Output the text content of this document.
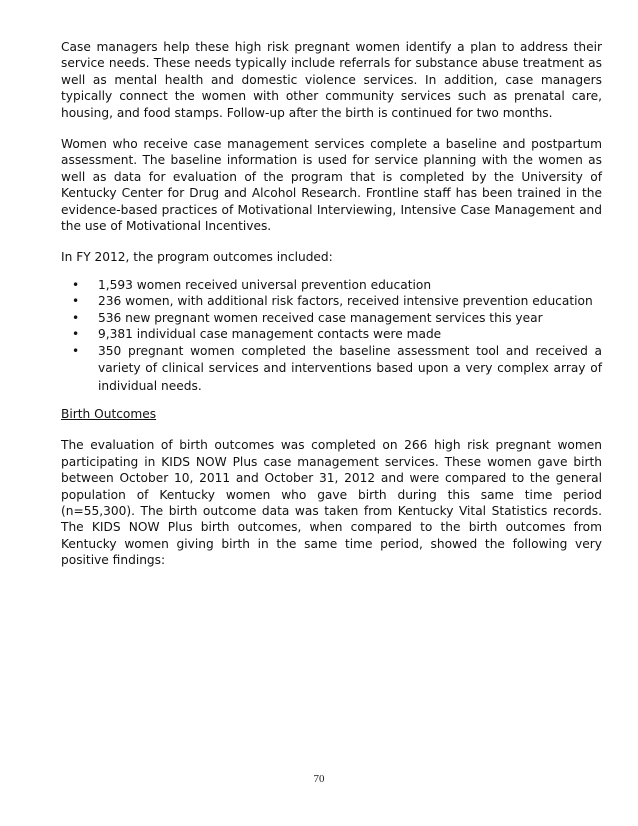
Case managers help these high risk pregnant women identify a plan to address their service needs. These needs typically include referrals for substance abuse treatment as well as mental health and domestic violence services. In addition, case managers typically connect the women with other community services such as prenatal care, housing, and food stamps. Follow-up after the birth is continued for two months.

Women who receive case management services complete a baseline and postpartum assessment. The baseline information is used for service planning with the women as well as data for evaluation of the program that is completed by the University of Kentucky Center for Drug and Alcohol Research. Frontline staff has been trained in the evidence-based practices of Motivational Interviewing, Intensive Case Management and the use of Motivational Incentives.

In FY 2012, the program outcomes included:

• 1,593 women received universal prevention education
• 236 women, with additional risk factors, received intensive prevention education
• 536 new pregnant women received case management services this year
• 9,381 individual case management contacts were made
• 350 pregnant women completed the baseline assessment tool and received a variety of clinical services and interventions based upon a very complex array of individual needs.

Birth Outcomes

The evaluation of birth outcomes was completed on 266 high risk pregnant women participating in KIDS NOW Plus case management services. These women gave birth between October 10, 2011 and October 31, 2012 and were compared to the general population of Kentucky women who gave birth during this same time period (n=55,300). The birth outcome data was taken from Kentucky Vital Statistics records. The KIDS NOW Plus birth outcomes, when compared to the birth outcomes from Kentucky women giving birth in the same time period, showed the following very positive findings:

70
